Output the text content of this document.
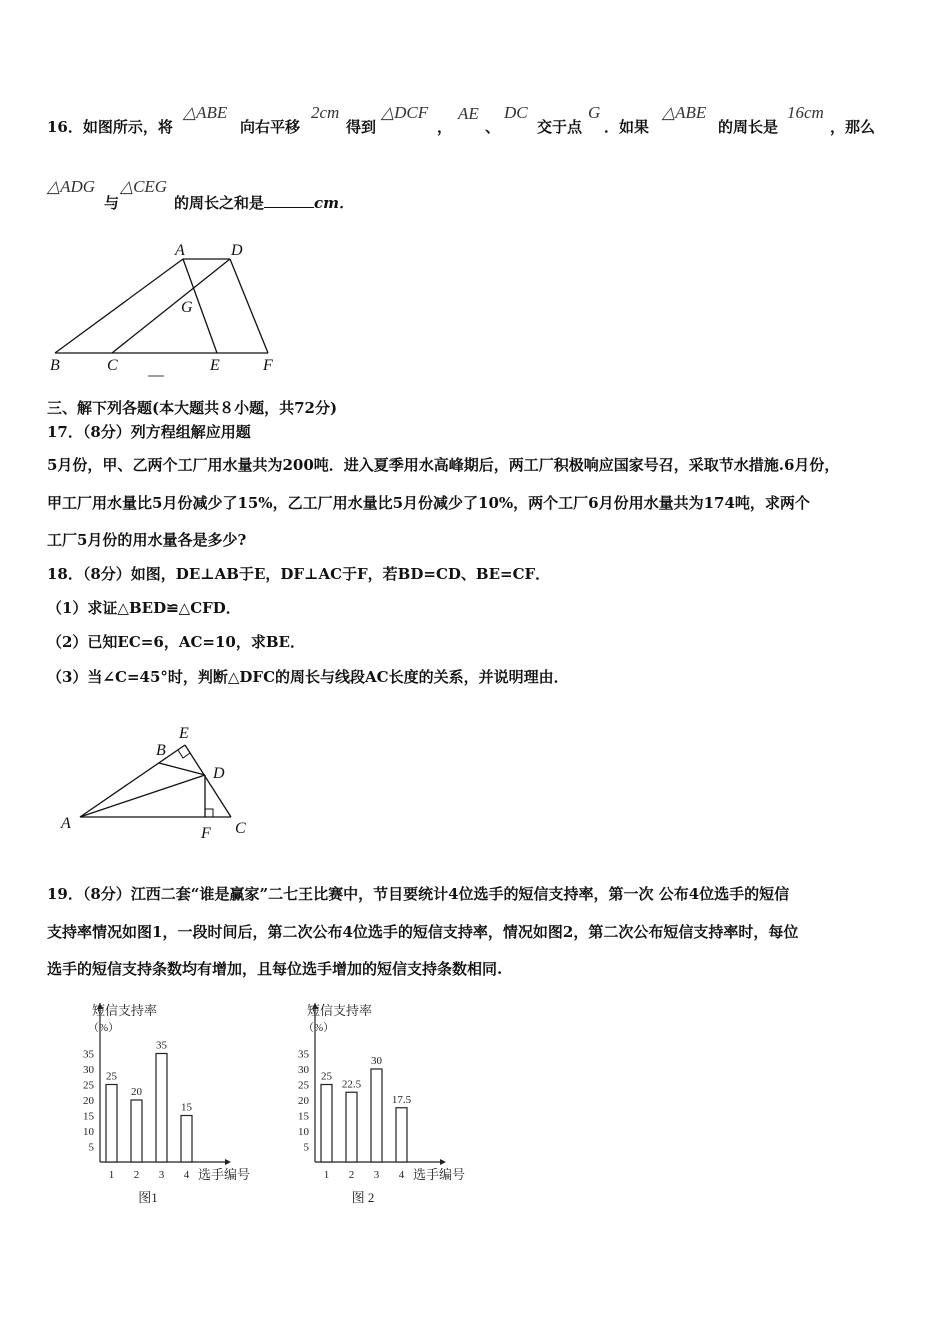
16．如图所示，将
△ABE
向右平移
2cm
得到
△DCF
，
AE
、
DC
交于点
G
．如果
△ABE
的周长是
16cm
，那么
△ADG
与
△CEG
的周长之和是	cm．
A	D
G
B	C	E	F
三、解下列各题(本大题共８小题，共72分)
17．（8分）列方程组解应用题
5月份，甲、乙两个工厂用水量共为200吨．进入夏季用水高峰期后，两工厂积极响应国家号召，采取节水措施.6月份，
甲工厂用水量比5月份减少了15%，乙工厂用水量比5月份减少了10%，两个工厂6月份用水量共为174吨，求两个
工厂5月份的用水量各是多少?
18．（8分）如图，DE⊥AB于E，DF⊥AC于F，若BD=CD、BE=CF．
（1）求证△BED≌△CFD．
（2）已知EC=6，AC=10，求BE．
（3）当∠C=45°时，判断△DFC的周长与线段AC长度的关系，并说明理由．
A
B
E
D
F C
19．（8分）江西二套“谁是赢家”二七王比赛中，节目要统计4位选手的短信支持率，第一次 公布4位选手的短信
支持率情况如图1，一段时间后，第二次公布4位选手的短信支持率，情况如图2，第二次公布短信支持率时，每位
选手的短信支持条数均有增加，且每位选手增加的短信支持条数相同.
短信支持率
（%）
5
10
15
20
25
30
35
25
1
20
2
35
3
15
4 选手编号
图1
短信支持率
（%）
5
10
15
20
25
30
35
25
1
22.5
2
30
3
17.5
4 选手编号
图 2
